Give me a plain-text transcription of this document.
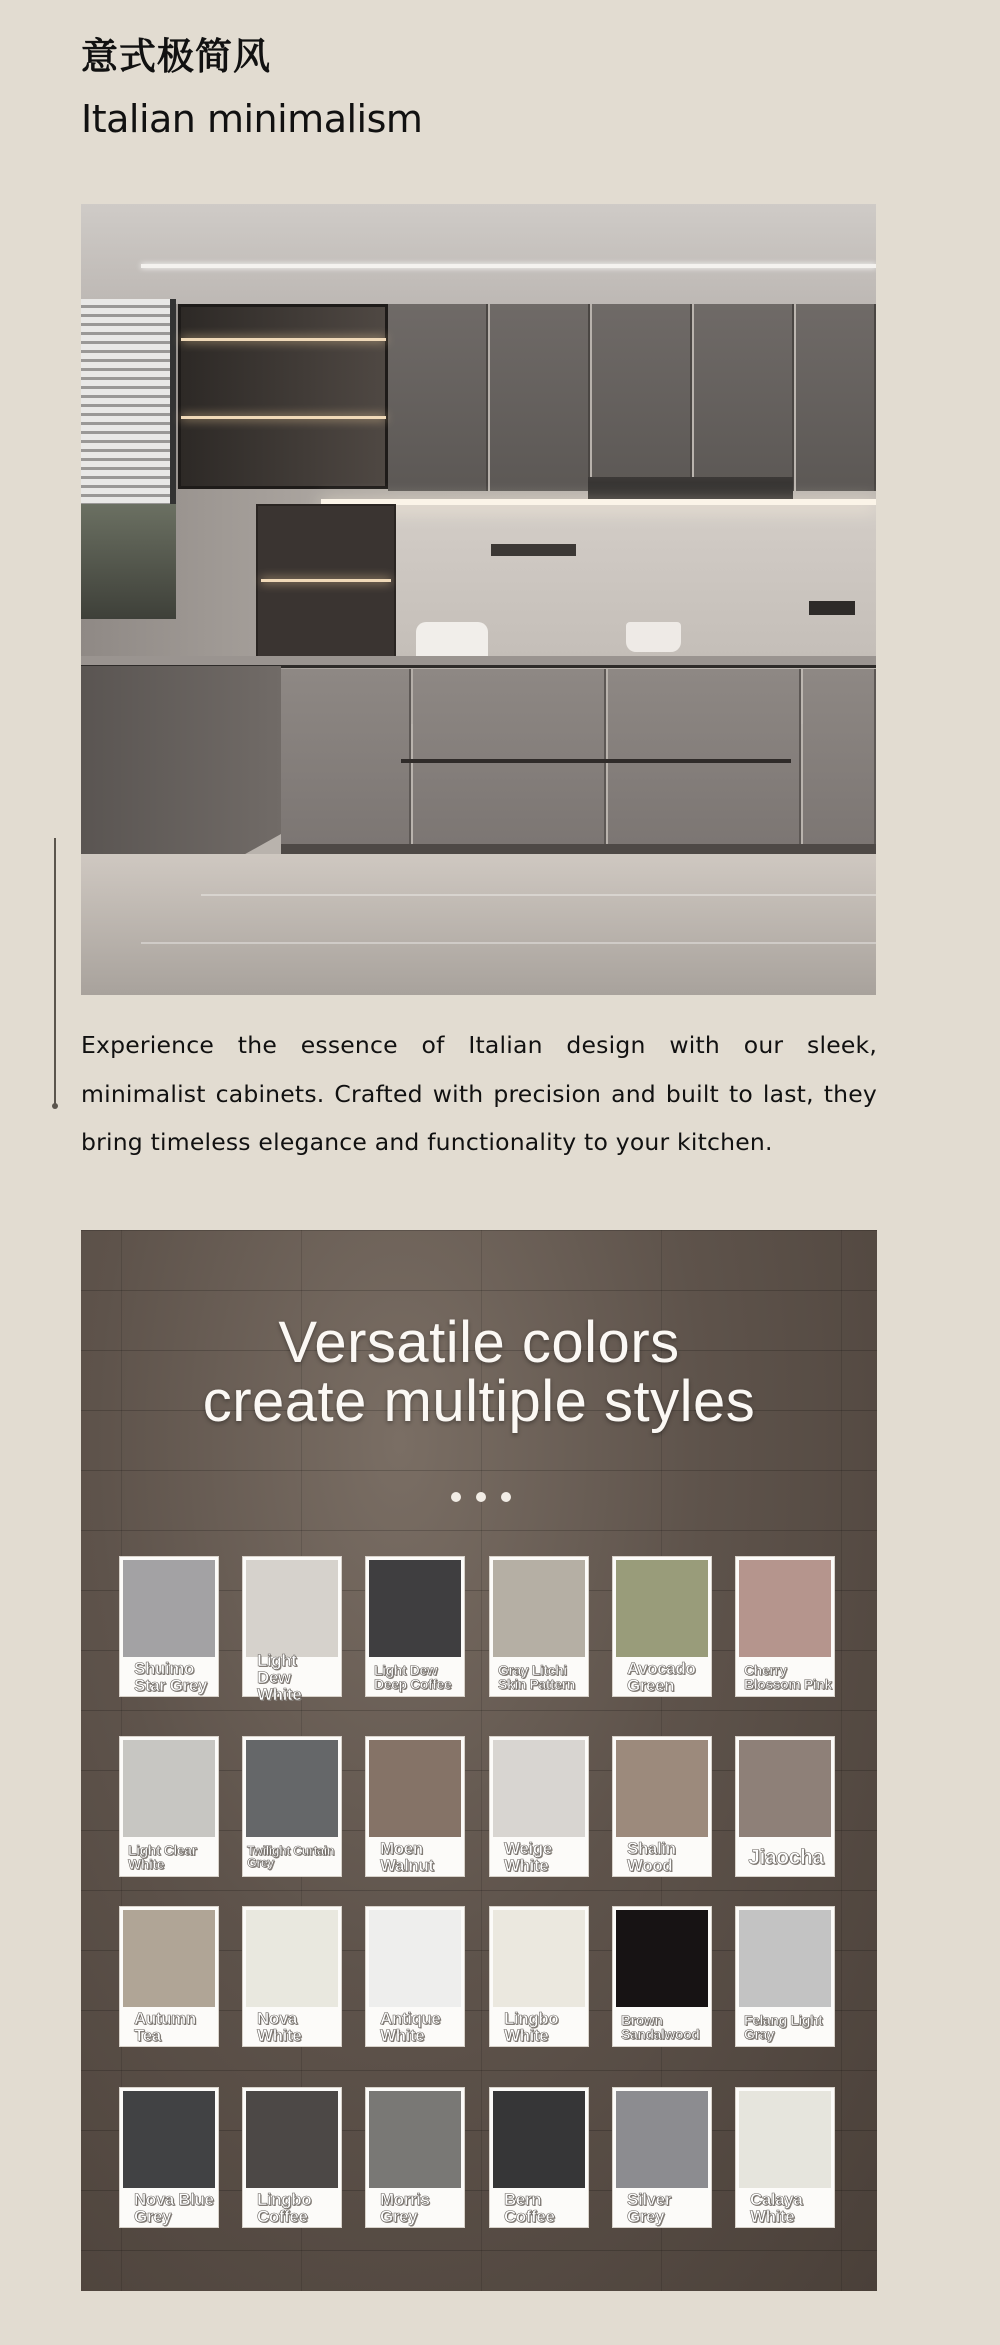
意式极简风
Italian minimalism

Experience the essence of Italian design with our sleek, minimalist cabinets. Crafted with precision and built to last, they bring timeless elegance and functionality to your kitchen.

Versatile colors
create multiple styles
Shuimo
Star Grey
Light
Dew White
Light Dew
Deep Coffee
Gray Litchi
Skin Pattern
Avocado
Green
Cherry
Blossom Pink
Light Clear
White
Twilight Curtain
Grey
Moen
Walnut
Weige
White
Shalin
Wood	Jiaocha
Autumn
Tea
Nova
White
Antique
White
Lingbo
White
Brown
Sandalwood
Felang Light
Gray
Nova Blue
Grey
Lingbo
Coffee
Morris
Grey
Bern
Coffee
Silver
Grey
Calaya
White
